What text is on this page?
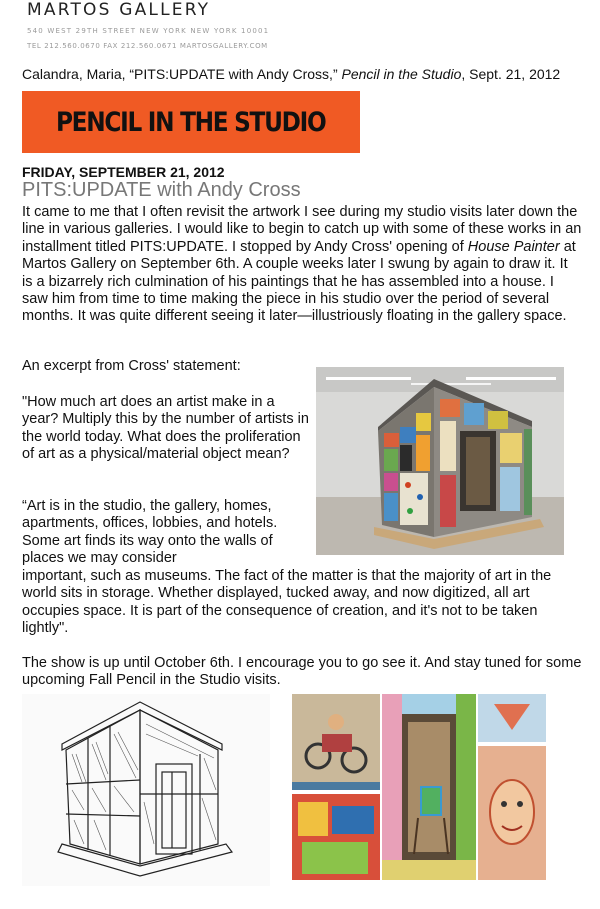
MARTOS GALLERY
540 WEST 29TH STREET NEW YORK NEW YORK 10001
TEL 212.560.0670 FAX 212.560.0671 MARTOSGALLERY.COM
Calandra, Maria, “PITS:UPDATE with Andy Cross,” Pencil in the Studio, Sept. 21, 2012
PENCIL IN THE STUDIO
FRIDAY, SEPTEMBER 21, 2012
PITS:UPDATE with Andy Cross
It came to me that I often revisit the artwork I see during my studio visits later down the line in various galleries. I would like to begin to catch up with some of these works in an installment titled PITS:UPDATE. I stopped by Andy Cross' opening of House Painter at Martos Gallery on September 6th. A couple weeks later I swung by again to draw it. It is a bizarrely rich culmination of his paintings that he has assembled into a house. I saw him from time to time making the piece in his studio over the period of several months. It was quite different seeing it later—illustriously floating in the gallery space.
An excerpt from Cross' statement:
"How much art does an artist make in a year? Multiply this by the number of artists in the world today. What does the proliferation of art as a physical/material object mean?
“Art is in the studio, the gallery, homes, apartments, offices, lobbies, and hotels. Some art finds its way onto the walls of places we may consider
important, such as museums. The fact of the matter is that the majority of art in the world sits in storage. Whether displayed, tucked away, and now digitized, all art occupies space. It is part of the consequence of creation, and it's not to be taken lightly".
The show is up until October 6th. I encourage you to go see it. And stay tuned for some upcoming Fall Pencil in the Studio visits.
